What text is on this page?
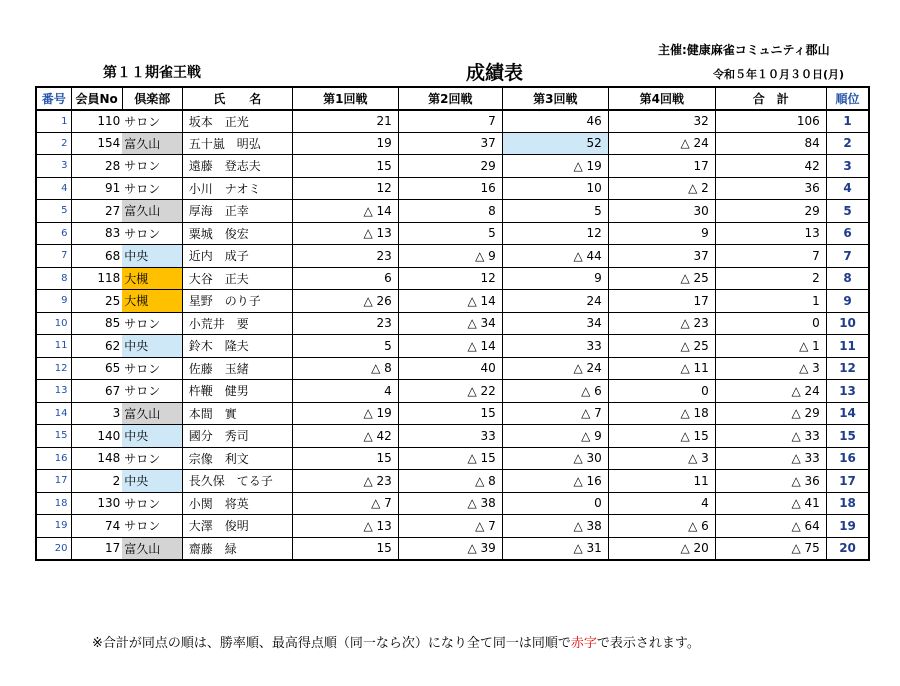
主催:健康麻雀コミュニティ郡山
第１１期雀王戦	成績表	令和５年１０月３０日(月)
番号	会員No	倶楽部	氏　　名	第1回戦	第2回戦	第3回戦	第4回戦	合　計	順位
1	110	サロン	坂本　正光	21	7	46	32	106	1
2	154	富久山	五十嵐　明弘	19	37	52	△ 24	84	2
3	28	サロン	遠藤　登志夫	15	29	△ 19	17	42	3
4	91	サロン	小川　ナオミ	12	16	10	△ 2	36	4
5	27	富久山	厚海　正幸	△ 14	8	5	30	29	5
6	83	サロン	粟城　俊宏	△ 13	5	12	9	13	6
7	68	中央	近内　成子	23	△ 9	△ 44	37	7	7
8	118	大槻	大谷　正夫	6	12	9	△ 25	2	8
9	25	大槻	星野　のり子	△ 26	△ 14	24	17	1	9
10	85	サロン	小荒井　要	23	△ 34	34	△ 23	0	10
11	62	中央	鈴木　隆夫	5	△ 14	33	△ 25	△ 1	11
12	65	サロン	佐藤　玉緒	△ 8	40	△ 24	△ 11	△ 3	12
13	67	サロン	杵鞭　健男	4	△ 22	△ 6	0	△ 24	13
14	3	富久山	本間　實	△ 19	15	△ 7	△ 18	△ 29	14
15	140	中央	國分　秀司	△ 42	33	△ 9	△ 15	△ 33	15
16	148	サロン	宗像　利文	15	△ 15	△ 30	△ 3	△ 33	16
17	2	中央	長久保　てる子	△ 23	△ 8	△ 16	11	△ 36	17
18	130	サロン	小関　将英	△ 7	△ 38	0	4	△ 41	18
19	74	サロン	大澤　俊明	△ 13	△ 7	△ 38	△ 6	△ 64	19
20	17	富久山	齋藤　緑	15	△ 39	△ 31	△ 20	△ 75	20
※合計が同点の順は、勝率順、最高得点順（同一なら次）になり全て同一は同順で赤字で表示されます。
